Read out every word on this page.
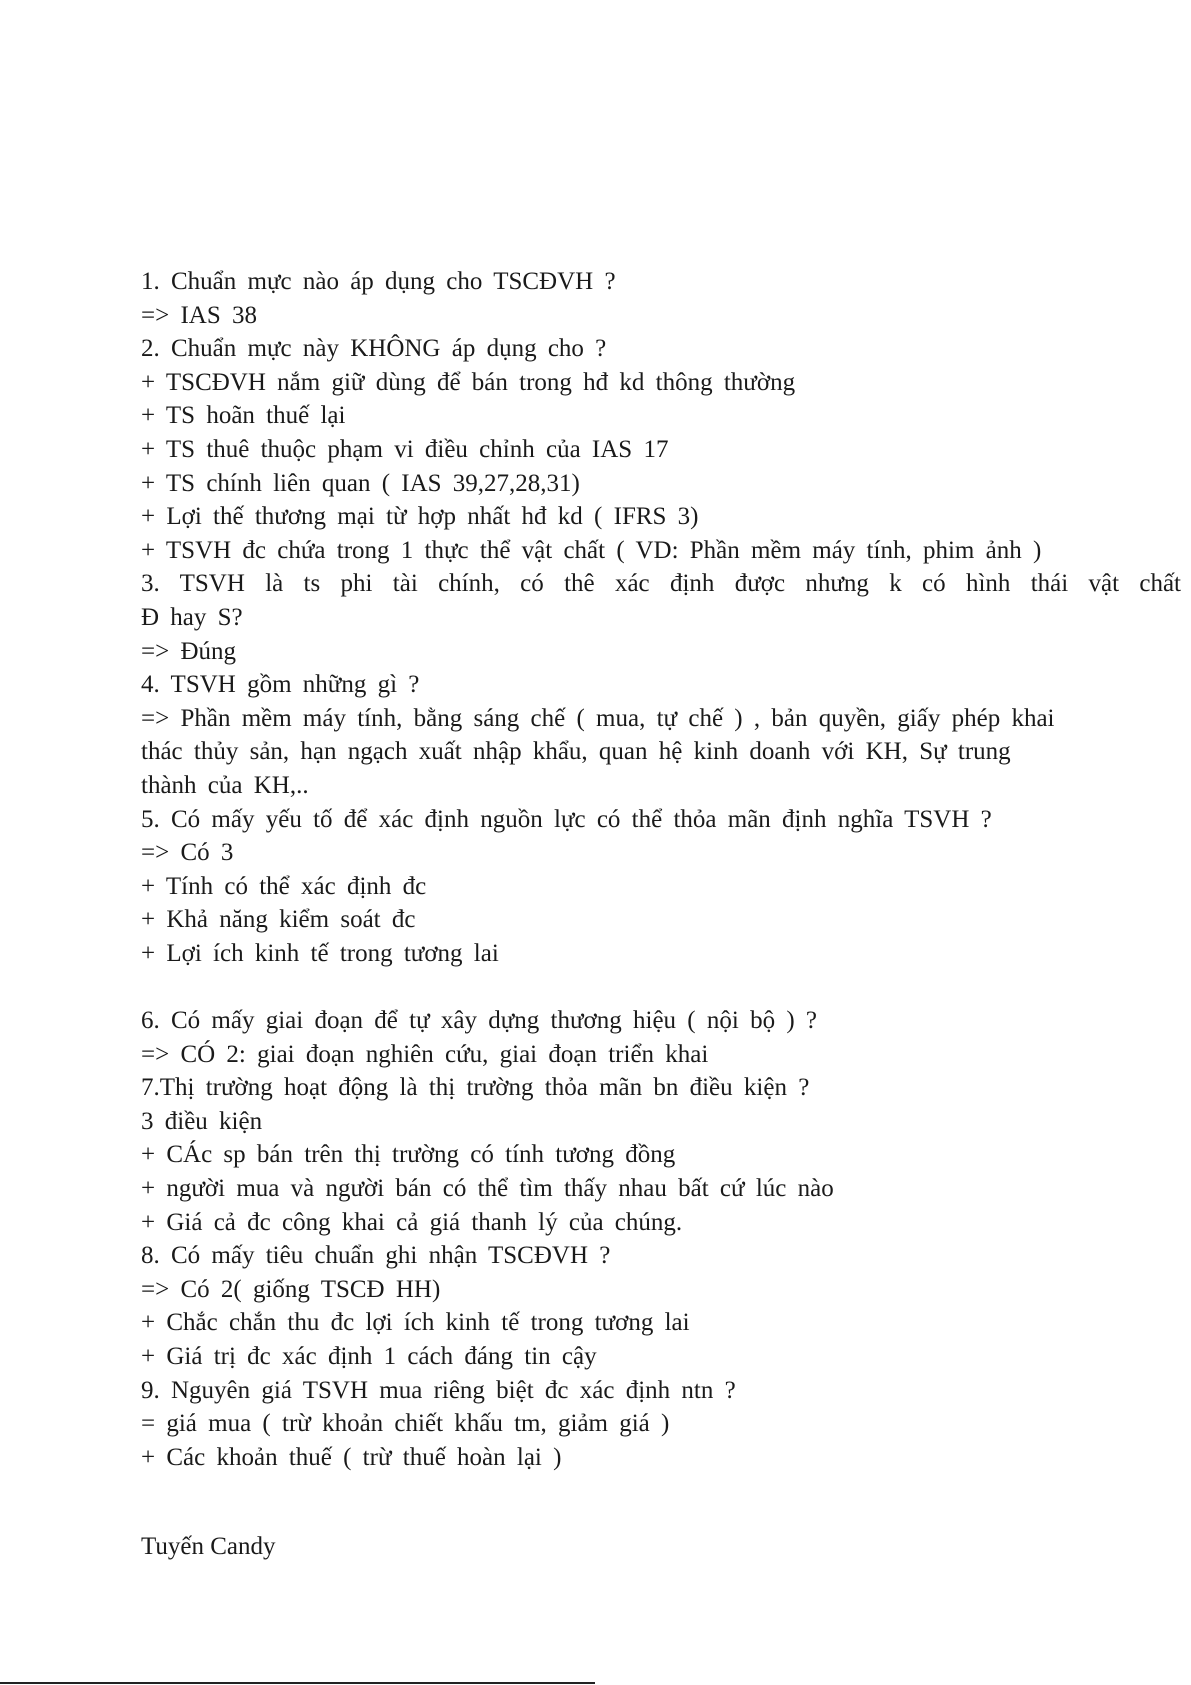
1. Chuẩn mực nào áp dụng cho TSCĐVH ?
=> IAS 38
2. Chuẩn mực này KHÔNG áp dụng cho ?
+ TSCĐVH nắm giữ dùng để bán trong hđ kd thông thường
+ TS hoãn thuế lại
+ TS thuê thuộc phạm vi điều chỉnh của IAS 17
+ TS chính liên quan ( IAS 39,27,28,31)
+ Lợi thế thương mại từ hợp nhất hđ kd ( IFRS 3)
+ TSVH đc chứa trong 1 thực thể vật chất ( VD: Phần mềm máy tính, phim ảnh )
3. TSVH là ts phi tài chính, có thê xác định được nhưng k có hình thái vật chất
Đ hay S?
=> Đúng
4. TSVH gồm những gì ?
=> Phần mềm máy tính, bằng sáng chế ( mua, tự chế ) , bản quyền, giấy phép khai
thác thủy sản, hạn ngạch xuất nhập khẩu, quan hệ kinh doanh với KH, Sự trung
thành của KH,..
5. Có mấy yếu tố để xác định nguồn lực có thể thỏa mãn định nghĩa TSVH ?
=> Có 3
+ Tính có thể xác định đc
+ Khả năng kiểm soát đc
+ Lợi ích kinh tế trong tương lai
6. Có mấy giai đoạn để tự xây dựng thương hiệu ( nội bộ ) ?
=> CÓ 2: giai đoạn nghiên cứu, giai đoạn triển khai
7.Thị trường hoạt động là thị trường thỏa mãn bn điều kiện ?
3 điều kiện
+ CÁc sp bán trên thị trường có tính tương đồng
+ người mua và người bán có thể tìm thấy nhau bất cứ lúc nào
+ Giá cả đc công khai cả giá thanh lý của chúng.
8. Có mấy tiêu chuẩn ghi nhận TSCĐVH ?
=> Có 2( giống TSCĐ HH)
+ Chắc chắn thu đc lợi ích kinh tế trong tương lai
+ Giá trị đc xác định 1 cách đáng tin cậy
9. Nguyên giá TSVH mua riêng biệt đc xác định ntn ?
= giá mua ( trừ khoản chiết khấu tm, giảm giá )
+ Các khoản thuế ( trừ thuế hoàn lại )
Tuyến Candy
